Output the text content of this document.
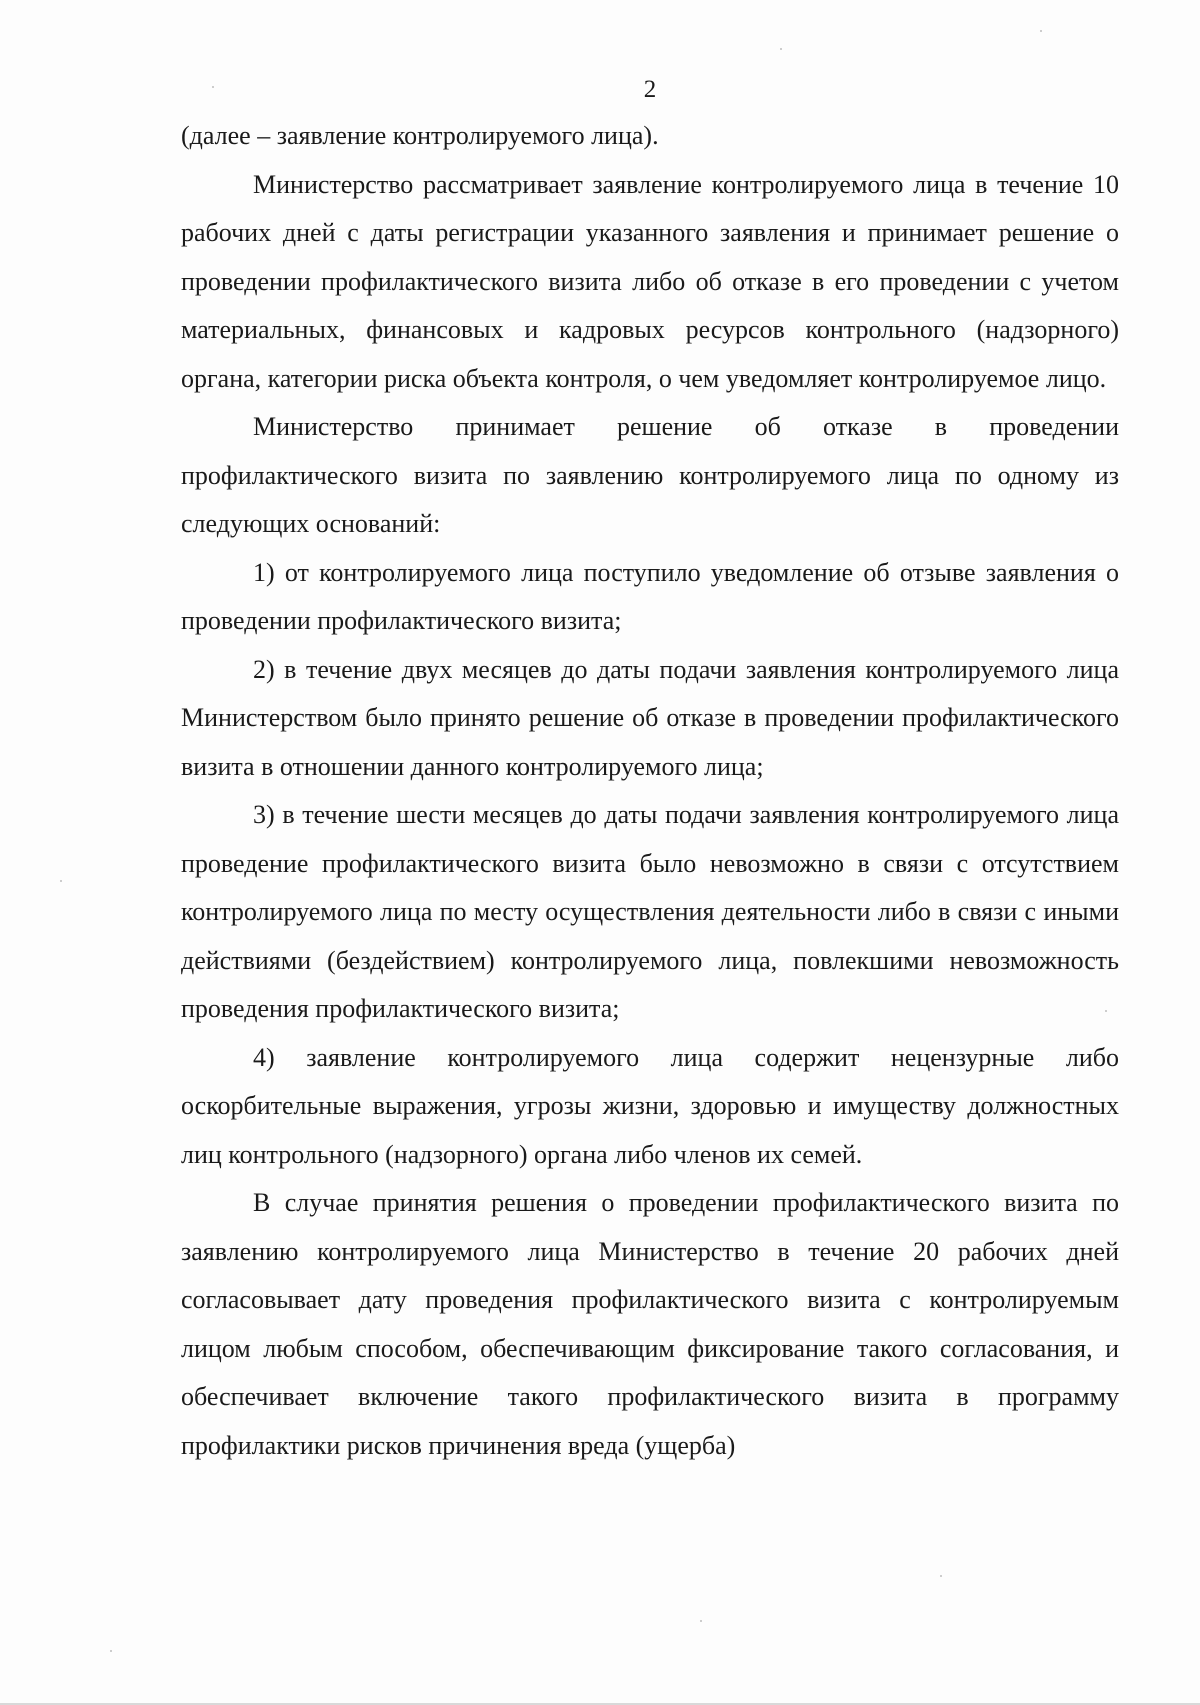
2

(далее – заявление контролируемого лица).

Министерство рассматривает заявление контролируемого лица в течение 10 рабочих дней с даты регистрации указанного заявления и принимает решение о проведении профилактического визита либо об отказе в его проведении с учетом материальных, финансовых и кадровых ресурсов контрольного (надзорного) органа, категории риска объекта контроля, о чем уведомляет контролируемое лицо.

Министерство принимает решение об отказе в проведении профилактического визита по заявлению контролируемого лица по одному из следующих оснований:

1) от контролируемого лица поступило уведомление об отзыве заявления о проведении профилактического визита;

2) в течение двух месяцев до даты подачи заявления контролируемого лица Министерством было принято решение об отказе в проведении профилактического визита в отношении данного контролируемого лица;

3) в течение шести месяцев до даты подачи заявления контролируемого лица проведение профилактического визита было невозможно в связи с отсутствием контролируемого лица по месту осуществления деятельности либо в связи с иными действиями (бездействием) контролируемого лица, повлекшими невозможность проведения профилактического визита;

4) заявление контролируемого лица содержит нецензурные либо оскорбительные выражения, угрозы жизни, здоровью и имуществу должностных лиц контрольного (надзорного) органа либо членов их семей.

В случае принятия решения о проведении профилактического визита по заявлению контролируемого лица Министерство в течение 20 рабочих дней согласовывает дату проведения профилактического визита с контролируемым лицом любым способом, обеспечивающим фиксирование такого согласования, и обеспечивает включение такого профилактического визита в программу профилактики рисков причинения вреда (ущерба)
